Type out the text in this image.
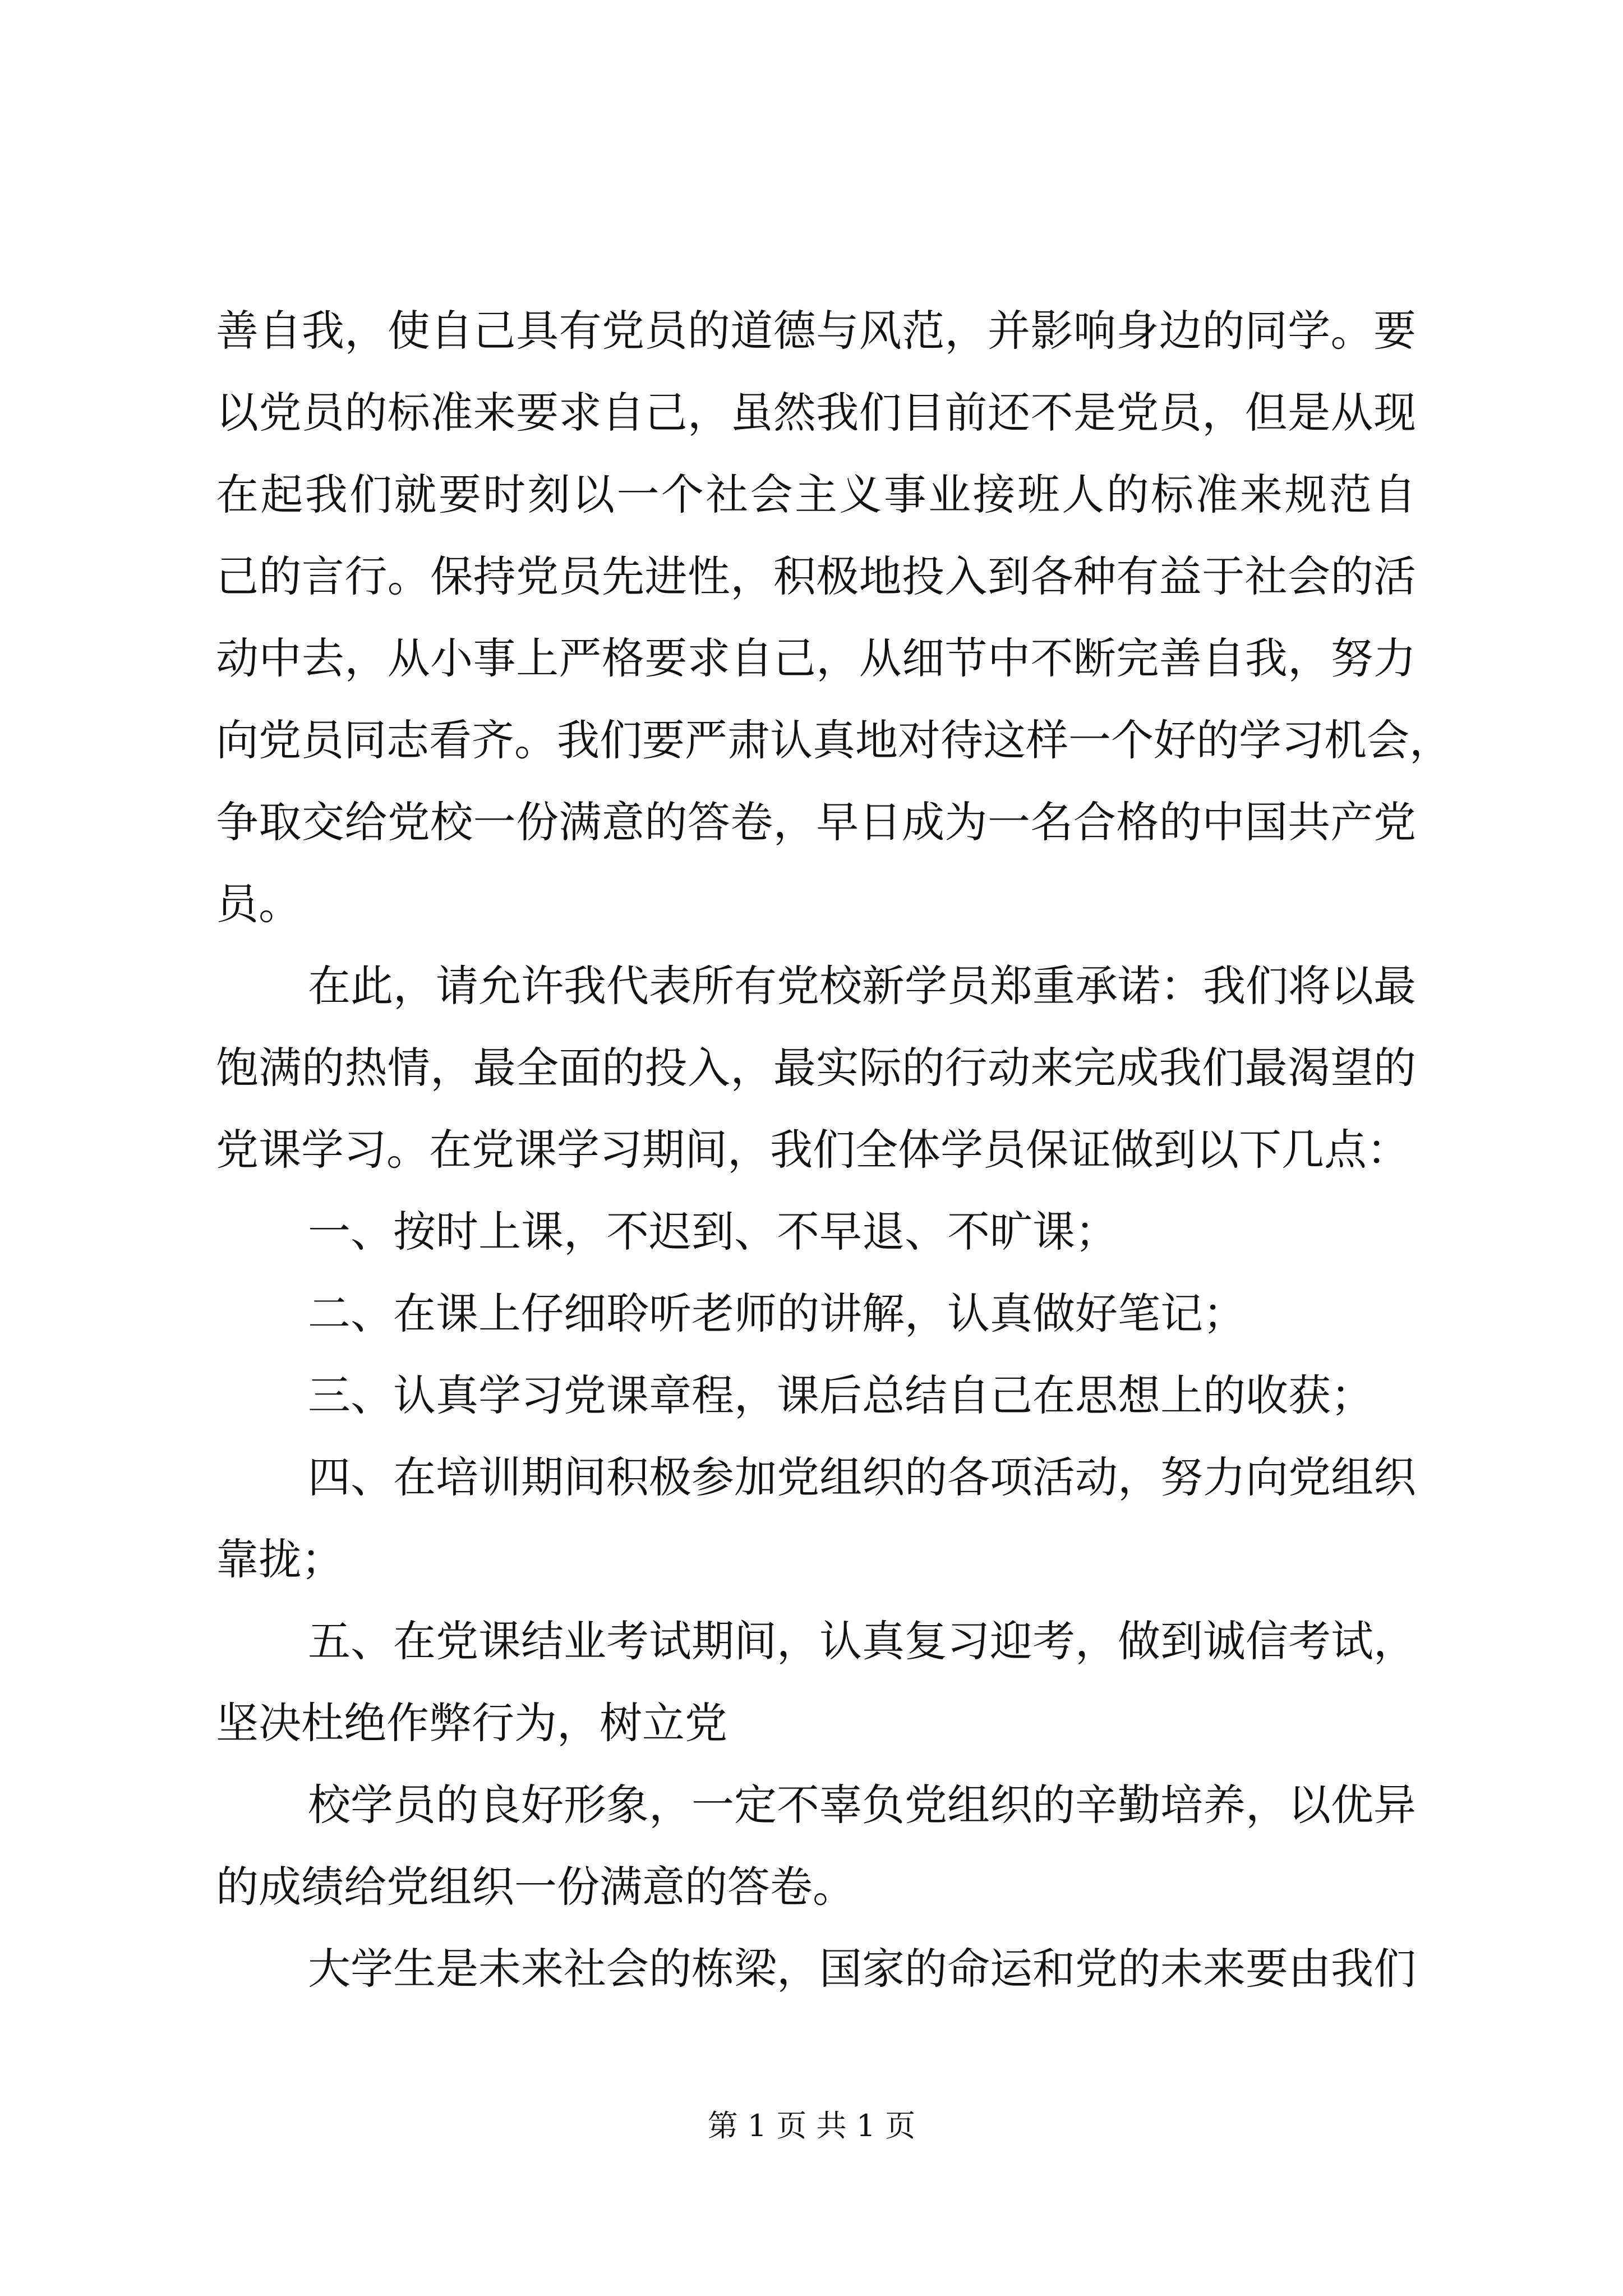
善自我，使自己具有党员的道德与风范，并影响身边的同学。要
以党员的标准来要求自己，虽然我们目前还不是党员，但是从现
在起我们就要时刻以一个社会主义事业接班人的标准来规范自
己的言行。保持党员先进性，积极地投入到各种有益于社会的活
动中去，从小事上严格要求自己，从细节中不断完善自我，努力
向党员同志看齐。我们要严肃认真地对待这样一个好的学习机会，
争取交给党校一份满意的答卷，早日成为一名合格的中国共产党
员。
在此，请允许我代表所有党校新学员郑重承诺：我们将以最
饱满的热情，最全面的投入，最实际的行动来完成我们最渴望的
党课学习。在党课学习期间，我们全体学员保证做到以下几点：
一、按时上课，不迟到、不早退、不旷课；
二、在课上仔细聆听老师的讲解，认真做好笔记；
三、认真学习党课章程，课后总结自己在思想上的收获；
四、在培训期间积极参加党组织的各项活动，努力向党组织
靠拢；
五、在党课结业考试期间，认真复习迎考，做到诚信考试，
坚决杜绝作弊行为，树立党
校学员的良好形象，一定不辜负党组织的辛勤培养，以优异
的成绩给党组织一份满意的答卷。
大学生是未来社会的栋梁，国家的命运和党的未来要由我们
第 1 页 共 1 页
